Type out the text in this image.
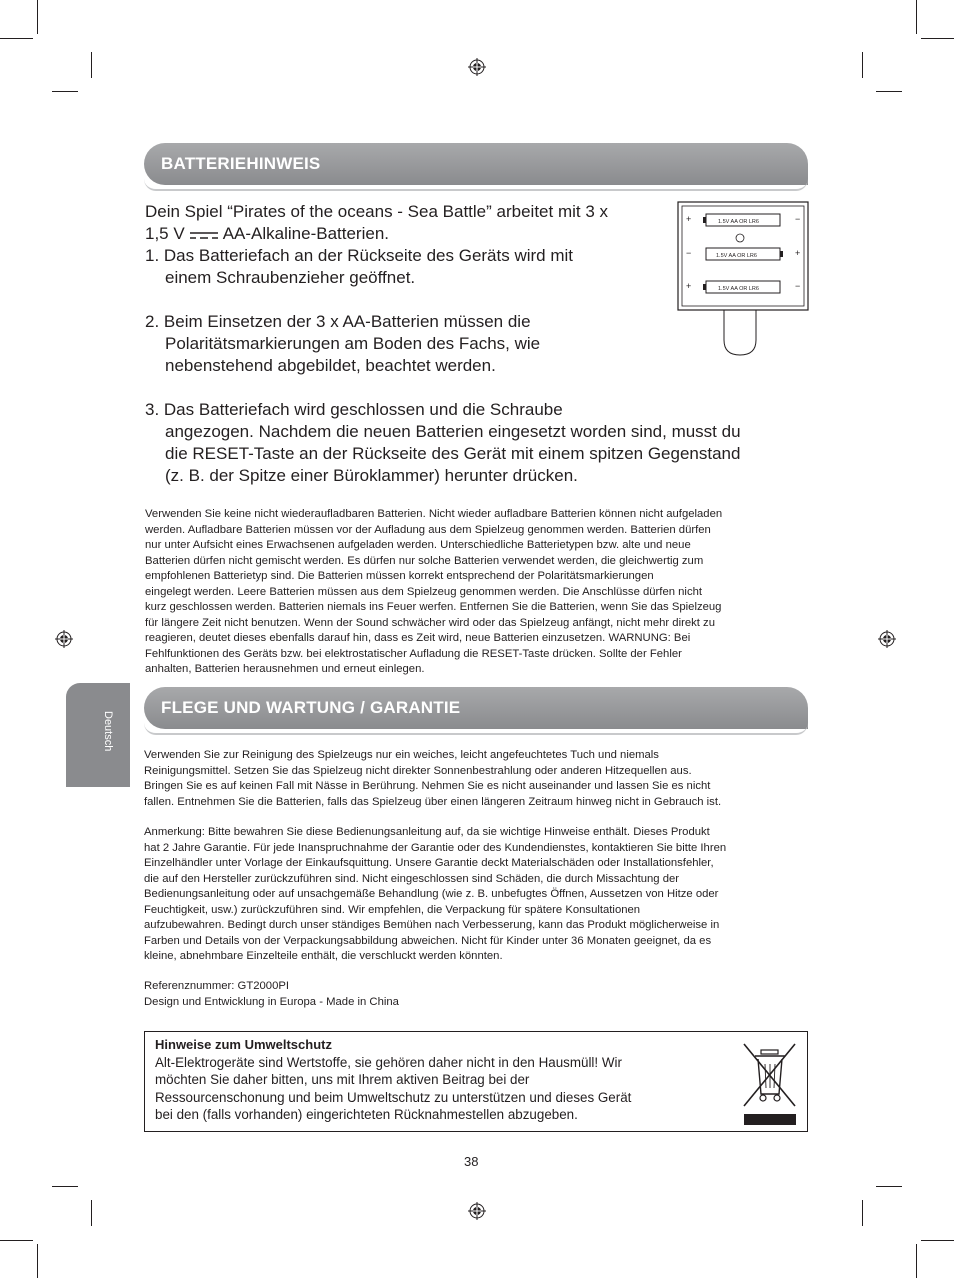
BATTERIEHINWEIS
Dein Spiel “Pirates of the oceans - Sea Battle” arbeitet mit 3 x
1,5 V AA-Alkaline-Batterien.
1. Das Batteriefach an der Rückseite des Geräts wird mit
einem Schraubenzieher geöffnet.
2. Beim Einsetzen der 3 x AA-Batterien müssen die
Polaritätsmarkierungen am Boden des Fachs, wie
nebenstehend abgebildet, beachtet werden.
3. Das Batteriefach wird geschlossen und die Schraube
angezogen. Nachdem die neuen Batterien eingesetzt worden sind, musst du
die RESET-Taste an der Rückseite des Gerät mit einem spitzen Gegenstand
(z. B. der Spitze einer Büroklammer) herunter drücken.
1.5V AA OR LR6
1.5V AA OR LR6
1.5V AA OR LR6
+	−
−	+
+	−
Verwenden Sie keine nicht wiederaufladbaren Batterien. Nicht wieder aufladbare Batterien können nicht aufgeladen
werden. Aufladbare Batterien müssen vor der Aufladung aus dem Spielzeug genommen werden. Batterien dürfen
nur unter Aufsicht eines Erwachsenen aufgeladen werden. Unterschiedliche Batterietypen bzw. alte und neue
Batterien dürfen nicht gemischt werden. Es dürfen nur solche Batterien verwendet werden, die gleichwertig zum
empfohlenen Batterietyp sind. Die Batterien müssen korrekt entsprechend der Polaritätsmarkierungen
eingelegt werden. Leere Batterien müssen aus dem Spielzeug genommen werden. Die Anschlüsse dürfen nicht
kurz geschlossen werden. Batterien niemals ins Feuer werfen. Entfernen Sie die Batterien, wenn Sie das Spielzeug
für längere Zeit nicht benutzen. Wenn der Sound schwächer wird oder das Spielzeug anfängt, nicht mehr direkt zu
reagieren, deutet dieses ebenfalls darauf hin, dass es Zeit wird, neue Batterien einzusetzen. WARNUNG: Bei
Fehlfunktionen des Geräts bzw. bei elektrostatischer Aufladung die RESET-Taste drücken. Sollte der Fehler
anhalten, Batterien herausnehmen und erneut einlegen.
Deutsch
FLEGE UND WARTUNG / GARANTIE
Verwenden Sie zur Reinigung des Spielzeugs nur ein weiches, leicht angefeuchtetes Tuch und niemals
Reinigungsmittel. Setzen Sie das Spielzeug nicht direkter Sonnenbestrahlung oder anderen Hitzequellen aus.
Bringen Sie es auf keinen Fall mit Nässe in Berührung. Nehmen Sie es nicht auseinander und lassen Sie es nicht
fallen. Entnehmen Sie die Batterien, falls das Spielzeug über einen längeren Zeitraum hinweg nicht in Gebrauch ist.
Anmerkung: Bitte bewahren Sie diese Bedienungsanleitung auf, da sie wichtige Hinweise enthält. Dieses Produkt
hat 2 Jahre Garantie. Für jede Inanspruchnahme der Garantie oder des Kundendienstes, kontaktieren Sie bitte Ihren
Einzelhändler unter Vorlage der Einkaufsquittung. Unsere Garantie deckt Materialschäden oder Installationsfehler,
die auf den Hersteller zurückzuführen sind. Nicht eingeschlossen sind Schäden, die durch Missachtung der
Bedienungsanleitung oder auf unsachgemäße Behandlung (wie z. B. unbefugtes Öffnen, Aussetzen von Hitze oder
Feuchtigkeit, usw.) zurückzuführen sind. Wir empfehlen, die Verpackung für spätere Konsultationen
aufzubewahren. Bedingt durch unser ständiges Bemühen nach Verbesserung, kann das Produkt möglicherweise in
Farben und Details von der Verpackungsabbildung abweichen. Nicht für Kinder unter 36 Monaten geeignet, da es
kleine, abnehmbare Einzelteile enthält, die verschluckt werden könnten.
Referenznummer: GT2000PI
Design und Entwicklung in Europa - Made in China
Hinweise zum Umweltschutz
Alt-Elektrogeräte sind Wertstoffe, sie gehören daher nicht in den Hausmüll! Wir
möchten Sie daher bitten, uns mit Ihrem aktiven Beitrag bei der
Ressourcenschonung und beim Umweltschutz zu unterstützen und dieses Gerät
bei den (falls vorhanden) eingerichteten Rücknahmestellen abzugeben.
38
